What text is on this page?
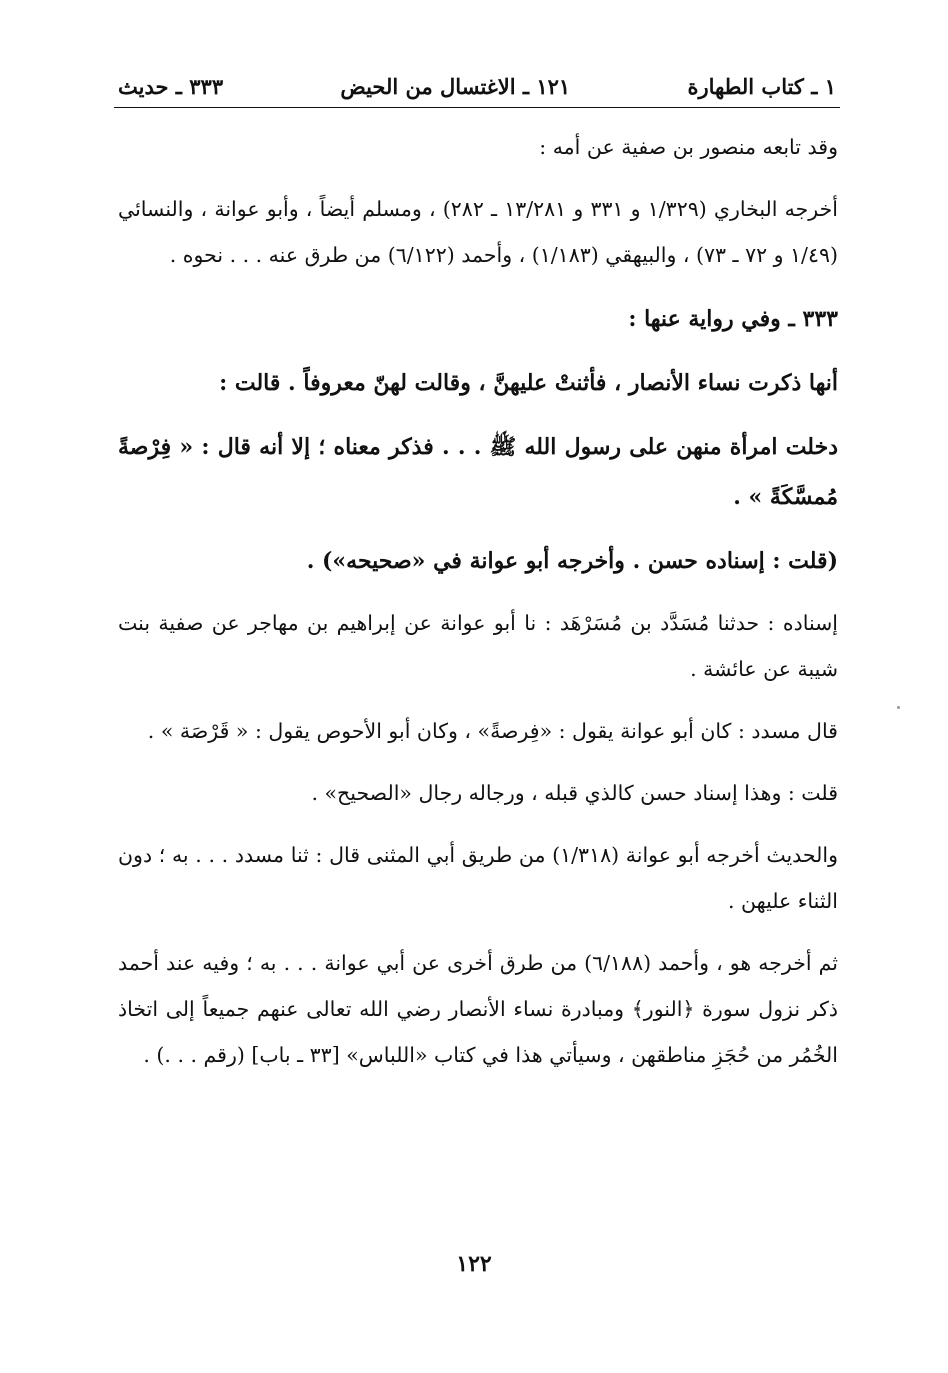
١ ـ كتاب الطهارة
١٢١ ـ الاغتسال من الحيض
٣٣٣ ـ حديث

وقد تابعه منصور بن صفية عن أمه :

أخرجه البخاري (١/٣٢٩ و ٣٣١ و ١٣/٢٨١ ـ ٢٨٢) ، ومسلم أيضاً ، وأبو عوانة ، والنسائي (١/٤٩ و ٧٢ ـ ٧٣) ، والبيهقي (١/١٨٣) ، وأحمد (٦/١٢٢) من طرق عنه . . . نحوه .

٣٣٣ ـ وفي رواية عنها :

أنها ذكرت نساء الأنصار ، فأثنتْ عليهنَّ ، وقالت لهنّ معروفاً . قالت :

دخلت امرأة منهن على رسول الله ﷺ . . . فذكر معناه ؛ إلا أنه قال : « فِرْصةً مُمسَّكَةً » .

(قلت : إسناده حسن . وأخرجه أبو عوانة في «صحيحه») .

إسناده : حدثنا مُسَدَّد بن مُسَرْهَد : نا أبو عوانة عن إبراهيم بن مهاجر عن صفية بنت شيبة عن عائشة .

قال مسدد : كان أبو عوانة يقول : «فِرصةً» ، وكان أبو الأحوص يقول : « قَرْصَة » .

قلت : وهذا إسناد حسن كالذي قبله ، ورجاله رجال «الصحيح» .

والحديث أخرجه أبو عوانة (١/٣١٨) من طريق أبي المثنى قال : ثنا مسدد . . . به ؛ دون الثناء عليهن .

ثم أخرجه هو ، وأحمد (٦/١٨٨) من طرق أخرى عن أبي عوانة . . . به ؛ وفيه عند أحمد ذكر نزول سورة ﴿النور﴾ ومبادرة نساء الأنصار رضي الله تعالى عنهم جميعاً إلى اتخاذ الخُمُر من حُجَزِ مناطقهن ، وسيأتي هذا في كتاب «اللباس» [٣٣ ـ باب] (رقم . . .) .

١٢٢
